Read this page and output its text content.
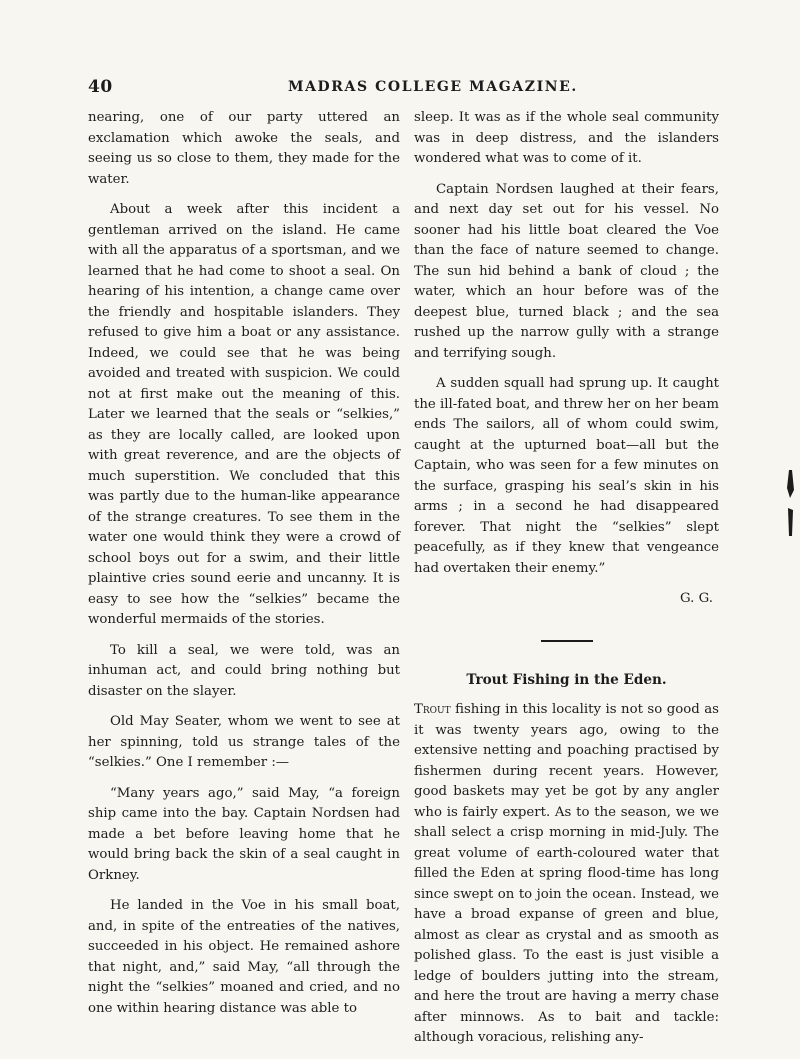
40	MADRAS COLLEGE MAGAZINE.

nearing, one of our party uttered an exclamation which awoke the seals, and seeing us so close to them, they made for the water.

About a week after this incident a gentleman arrived on the island. He came with all the apparatus of a sportsman, and we learned that he had come to shoot a seal. On hearing of his intention, a change came over the friendly and hospitable islanders. They refused to give him a boat or any assistance. Indeed, we could see that he was being avoided and treated with suspicion. We could not at first make out the meaning of this. Later we learned that the seals or “selkies,” as they are locally called, are looked upon with great reverence, and are the objects of much superstition. We concluded that this was partly due to the human-like appearance of the strange creatures. To see them in the water one would think they were a crowd of school boys out for a swim, and their little plaintive cries sound eerie and uncanny. It is easy to see how the “selkies” became the wonderful mermaids of the stories.

To kill a seal, we were told, was an inhuman act, and could bring nothing but disaster on the slayer.

Old May Seater, whom we went to see at her spinning, told us strange tales of the “selkies.” One I remember :—

“Many years ago,” said May, “a foreign ship came into the bay. Captain Nordsen had made a bet before leaving home that he would bring back the skin of a seal caught in Orkney.

He landed in the Voe in his small boat, and, in spite of the entreaties of the natives, succeeded in his object. He remained ashore that night, and,” said May, “all through the night the “selkies” moaned and cried, and no one within hearing distance was able to

sleep. It was as if the whole seal community was in deep distress, and the islanders wondered what was to come of it.

Captain Nordsen laughed at their fears, and next day set out for his vessel. No sooner had his little boat cleared the Voe than the face of nature seemed to change. The sun hid behind a bank of cloud ; the water, which an hour before was of the deepest blue, turned black ; and the sea rushed up the narrow gully with a strange and terrifying sough.

A sudden squall had sprung up. It caught the ill-fated boat, and threw her on her beam ends The sailors, all of whom could swim, caught at the upturned boat—all but the Captain, who was seen for a few minutes on the surface, grasping his seal’s skin in his arms ; in a second he had disappeared forever. That night the “selkies” slept peacefully, as if they knew that vengeance had overtaken their enemy.”

G. G.

Trout Fishing in the Eden.

Trout fishing in this locality is not so good as it was twenty years ago, owing to the extensive netting and poaching practised by fishermen during recent years. However, good baskets may yet be got by any angler who is fairly expert. As to the season, we we shall select a crisp morning in mid-July. The great volume of earth-coloured water that filled the Eden at spring flood-time has long since swept on to join the ocean. Instead, we have a broad expanse of green and blue, almost as clear as crystal and as smooth as polished glass. To the east is just visible a ledge of boulders jutting into the stream, and here the trout are having a merry chase after minnows. As to bait and tackle: although voracious, relishing any-
